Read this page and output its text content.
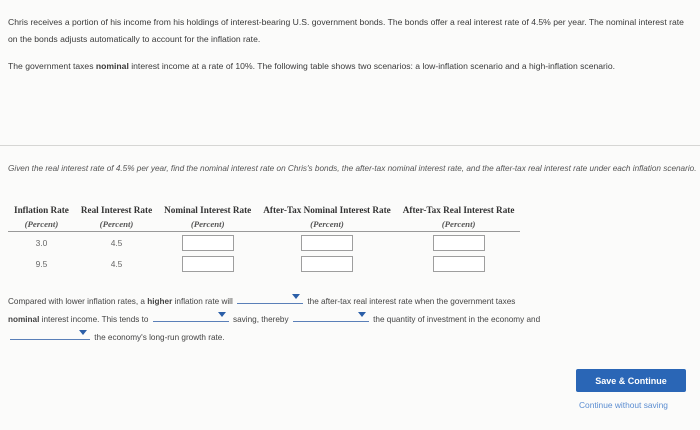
Chris receives a portion of his income from his holdings of interest-bearing U.S. government bonds. The bonds offer a real interest rate of 4.5% per year. The nominal interest rate on the bonds adjusts automatically to account for the inflation rate.
The government taxes nominal interest income at a rate of 10%. The following table shows two scenarios: a low-inflation scenario and a high-inflation scenario.
Given the real interest rate of 4.5% per year, find the nominal interest rate on Chris's bonds, the after-tax nominal interest rate, and the after-tax real interest rate under each inflation scenario.
Inflation Rate	Real Interest Rate	Nominal Interest Rate	After-Tax Nominal Interest Rate	After-Tax Real Interest Rate
(Percent)	(Percent)	(Percent)	(Percent)	(Percent)
3.0	4.5			
9.5	4.5			
Compared with lower inflation rates, a higher inflation rate will	the after-tax real interest rate when the government taxes
nominal interest income. This tends to	saving, thereby	the quantity of investment in the economy and

the economy's long-run growth rate.
Save & Continue
Continue without saving
